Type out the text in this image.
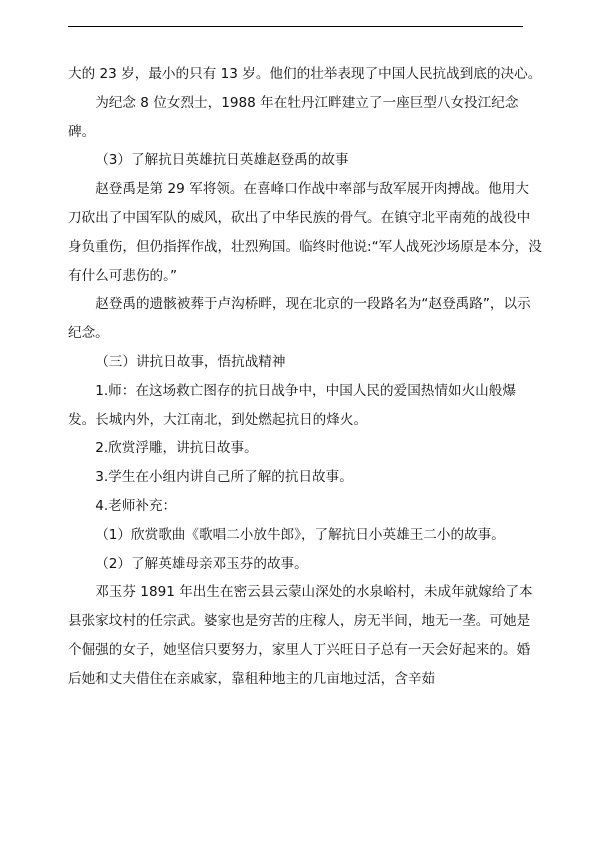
大的 23 岁，最小的只有 13 岁。他们的壮举表现了中国人民抗战到底的决心。

为纪念 8 位女烈士，1988 年在牡丹江畔建立了一座巨型八女投江纪念碑。

（3）了解抗日英雄抗日英雄赵登禹的故事

赵登禹是第 29 军将领。在喜峰口作战中率部与敌军展开肉搏战。他用大刀砍出了中国军队的威风，砍出了中华民族的骨气。在镇守北平南苑的战役中身负重伤，但仍指挥作战，壮烈殉国。临终时他说:“军人战死沙场原是本分，没有什么可悲伤的。”

赵登禹的遗骸被葬于卢沟桥畔，现在北京的一段路名为“赵登禹路”，以示纪念。

（三）讲抗日故事，悟抗战精神

1.师：在这场救亡图存的抗日战争中，中国人民的爱国热情如火山般爆发。长城内外，大江南北，到处燃起抗日的烽火。

2.欣赏浮雕，讲抗日故事。

3.学生在小组内讲自己所了解的抗日故事。

4.老师补充：

（1）欣赏歌曲《歌唱二小放牛郎》，了解抗日小英雄王二小的故事。

（2）了解英雄母亲邓玉芬的故事。

邓玉芬 1891 年出生在密云县云蒙山深处的水泉峪村，未成年就嫁给了本县张家坟村的任宗武。婆家也是穷苦的庄稼人，房无半间，地无一垄。可她是个倔强的女子，她坚信只要努力，家里人丁兴旺日子总有一天会好起来的。婚后她和丈夫借住在亲戚家，靠租种地主的几亩地过活，含辛茹
